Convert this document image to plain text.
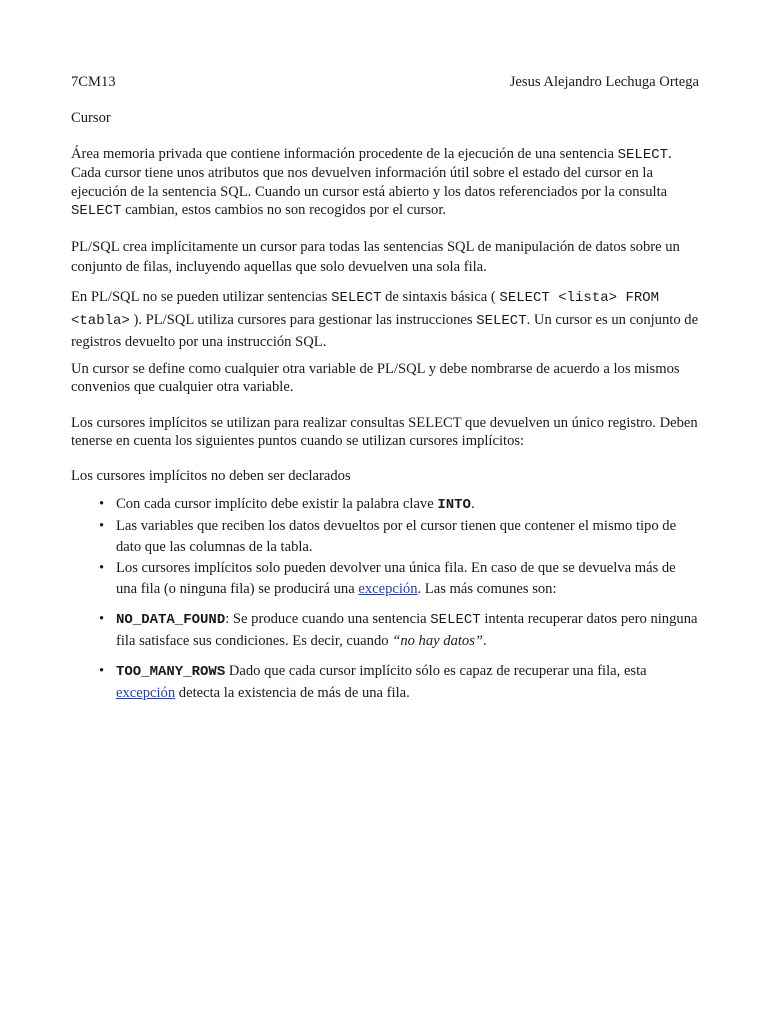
7CM13	Jesus Alejandro Lechuga Ortega
Cursor

Área memoria privada que contiene información procedente de la ejecución de una sentencia SELECT. Cada cursor tiene unos atributos que nos devuelven información útil sobre el estado del cursor en la ejecución de la sentencia SQL. Cuando un cursor está abierto y los datos referenciados por la consulta SELECT cambian, estos cambios no son recogidos por el cursor.

PL/SQL crea implícitamente un cursor para todas las sentencias SQL de manipulación de datos sobre un conjunto de filas, incluyendo aquellas que solo devuelven una sola fila.

En PL/SQL no se pueden utilizar sentencias SELECT de sintaxis básica ( SELECT <lista> FROM <tabla> ). PL/SQL utiliza cursores para gestionar las instrucciones SELECT. Un cursor es un conjunto de registros devuelto por una instrucción SQL.

Un cursor se define como cualquier otra variable de PL/SQL y debe nombrarse de acuerdo a los mismos convenios que cualquier otra variable.

Los cursores implícitos se utilizan para realizar consultas SELECT que devuelven un único registro. Deben tenerse en cuenta los siguientes puntos cuando se utilizan cursores implícitos:

Los cursores implícitos no deben ser declarados

• Con cada cursor implícito debe existir la palabra clave INTO.
• Las variables que reciben los datos devueltos por el cursor tienen que contener el mismo tipo de dato que las columnas de la tabla.
• Los cursores implícitos solo pueden devolver una única fila. En caso de que se devuelva más de una fila (o ninguna fila) se producirá una excepción. Las más comunes son:
• NO_DATA_FOUND: Se produce cuando una sentencia SELECT intenta recuperar datos pero ninguna fila satisface sus condiciones. Es decir, cuando “no hay datos”.
• TOO_MANY_ROWS Dado que cada cursor implícito sólo es capaz de recuperar una fila, esta excepción detecta la existencia de más de una fila.
